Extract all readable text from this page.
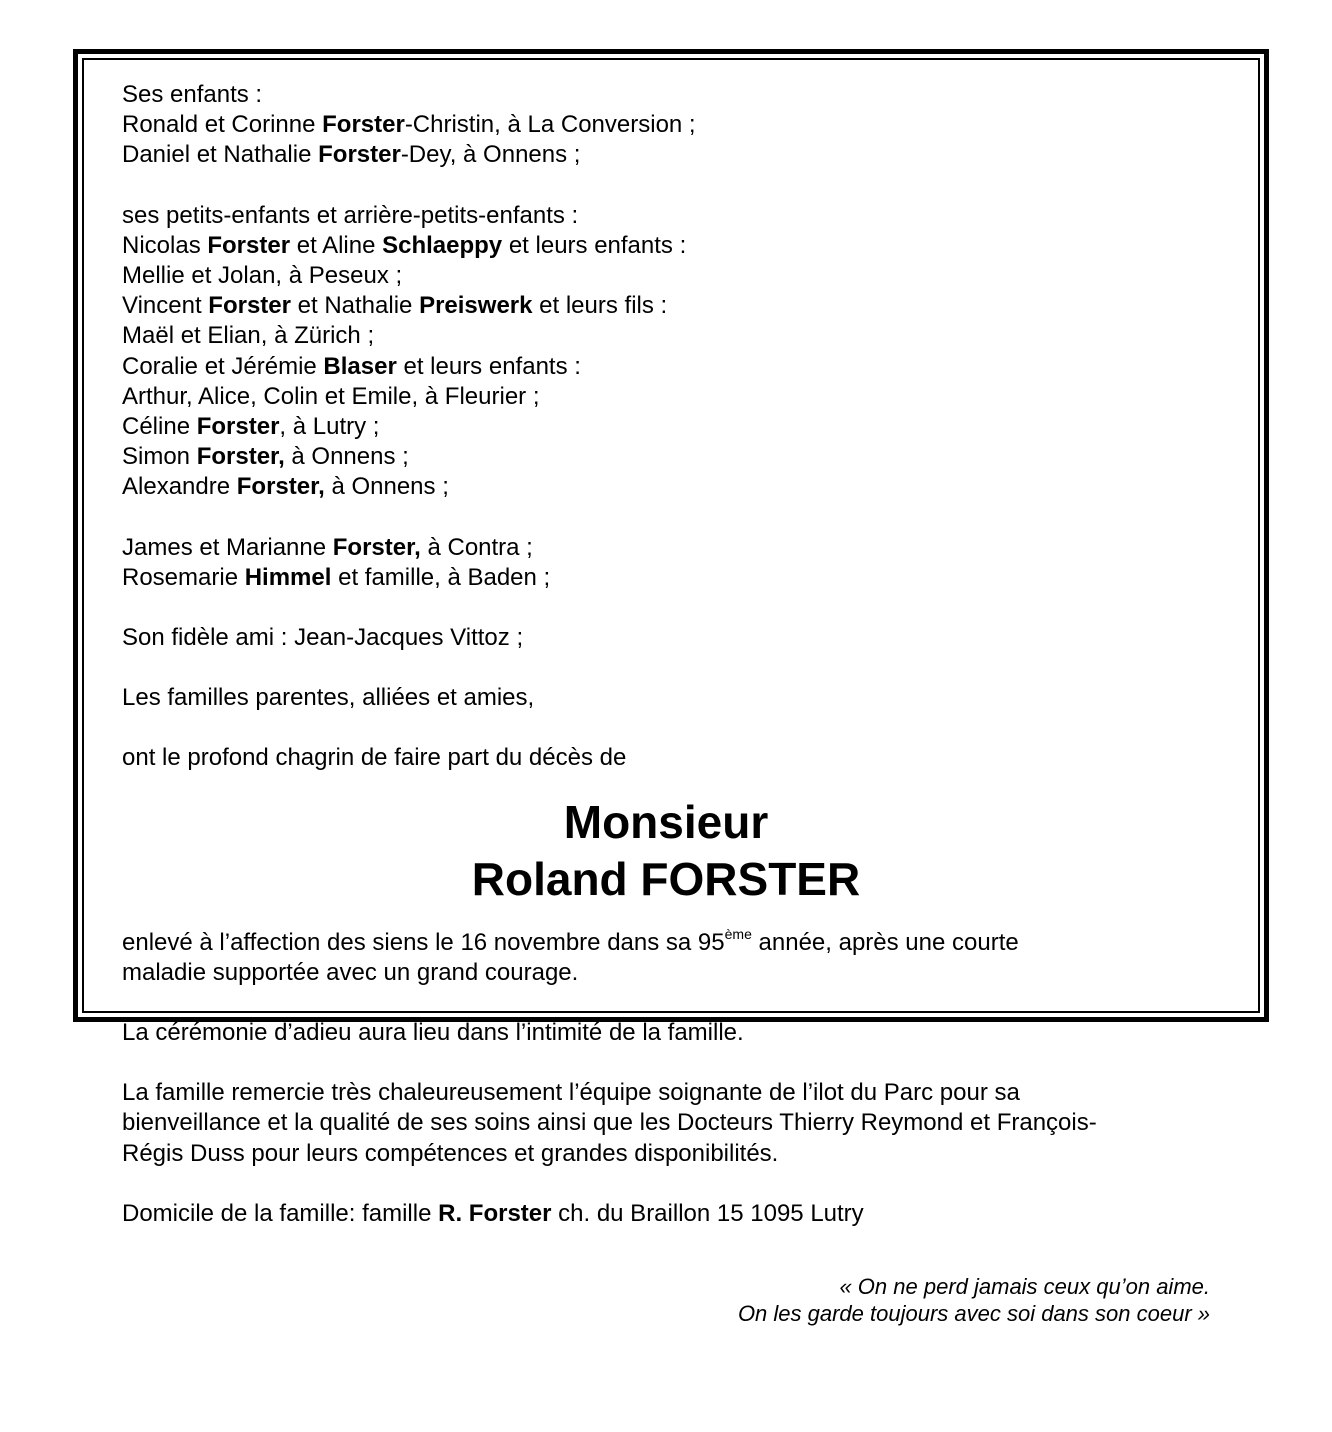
Ses enfants :
Ronald et Corinne Forster-Christin, à La Conversion ;
Daniel et Nathalie Forster-Dey, à Onnens ;
ses petits-enfants et arrière-petits-enfants :
Nicolas Forster et Aline Schlaeppy et leurs enfants :
Mellie et Jolan, à Peseux ;
Vincent Forster et Nathalie Preiswerk et leurs fils :
Maël et Elian, à Zürich ;
Coralie et Jérémie Blaser et leurs enfants :
Arthur, Alice, Colin et Emile, à Fleurier ;
Céline Forster, à Lutry ;
Simon Forster, à Onnens ;
Alexandre Forster, à Onnens ;
James et Marianne Forster, à Contra ;
Rosemarie Himmel et famille, à Baden ;
Son fidèle ami : Jean-Jacques Vittoz ;
Les familles parentes, alliées et amies,
ont le profond chagrin de faire part du décès de
Monsieur
Roland FORSTER
enlevé à l’affection des siens le 16 novembre dans sa 95ème année, après une courte
maladie supportée avec un grand courage.
La cérémonie d’adieu aura lieu dans l’intimité de la famille.
La famille remercie très chaleureusement l’équipe soignante de l’ilot du Parc pour sa
bienveillance et la qualité de ses soins ainsi que les Docteurs Thierry Reymond et François-
Régis Duss pour leurs compétences et grandes disponibilités.
Domicile de la famille: famille R. Forster ch. du Braillon 15 1095 Lutry
« On ne perd jamais ceux qu’on aime.
On les garde toujours avec soi dans son coeur »
